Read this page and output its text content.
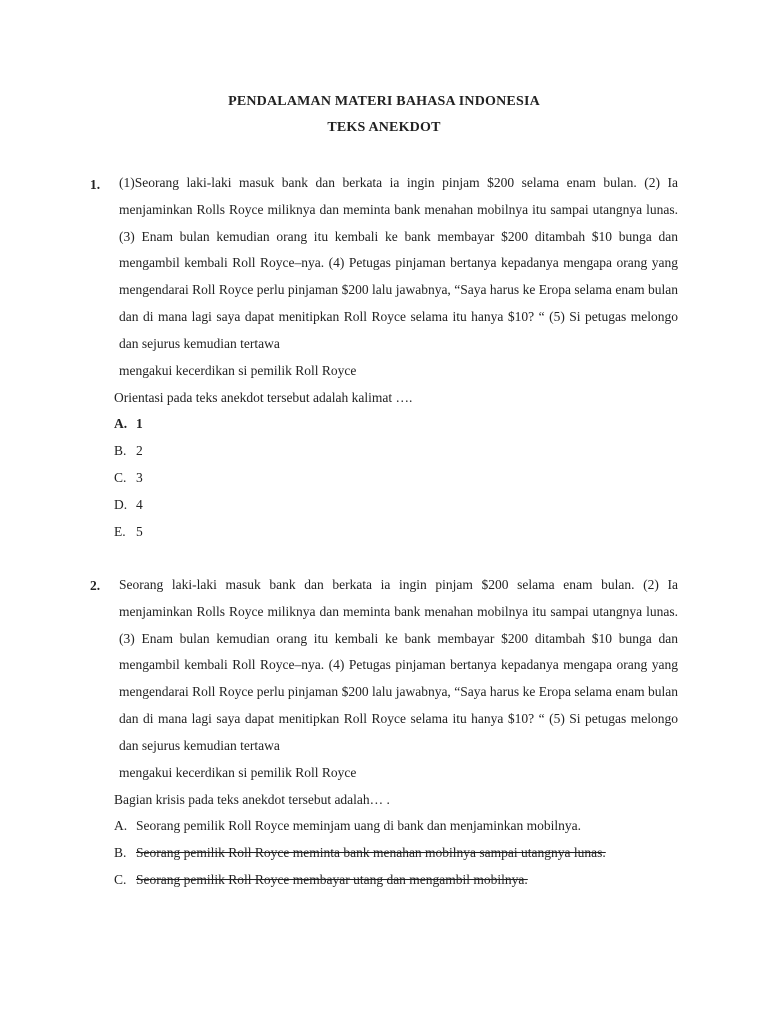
PENDALAMAN MATERI BAHASA INDONESIA
TEKS ANEKDOT
1. (1)Seorang laki-laki masuk bank dan berkata ia ingin pinjam $200 selama enam bulan. (2) Ia menjaminkan Rolls Royce miliknya dan meminta bank menahan mobilnya itu sampai utangnya lunas. (3) Enam bulan kemudian orang itu kembali ke bank membayar $200 ditambah $10 bunga dan mengambil kembali Roll Royce–nya. (4) Petugas pinjaman bertanya kepadanya mengapa orang yang mengendarai Roll Royce perlu pinjaman $200 lalu jawabnya, “Saya harus ke Eropa selama enam bulan dan di mana lagi saya dapat menitipkan Roll Royce selama itu hanya $10? “ (5) Si petugas melongo dan sejurus kemudian tertawa
mengakui kecerdikan si pemilik Roll Royce
Orientasi pada teks anekdot tersebut adalah kalimat ….
A. 1
B. 2
C. 3
D. 4
E. 5
2. Seorang laki-laki masuk bank dan berkata ia ingin pinjam $200 selama enam bulan. (2) Ia menjaminkan Rolls Royce miliknya dan meminta bank menahan mobilnya itu sampai utangnya lunas. (3) Enam bulan kemudian orang itu kembali ke bank membayar $200 ditambah $10 bunga dan mengambil kembali Roll Royce–nya. (4) Petugas pinjaman bertanya kepadanya mengapa orang yang mengendarai Roll Royce perlu pinjaman $200 lalu jawabnya, “Saya harus ke Eropa selama enam bulan dan di mana lagi saya dapat menitipkan Roll Royce selama itu hanya $10? “ (5) Si petugas melongo dan sejurus kemudian tertawa
mengakui kecerdikan si pemilik Roll Royce
Bagian krisis pada teks anekdot tersebut adalah… .
A. Seorang pemilik Roll Royce meminjam uang di bank dan menjaminkan mobilnya.
B. Seorang pemilik Roll Royce meminta bank menahan mobilnya sampai utangnya lunas.
C. Seorang pemilik Roll Royce membayar utang dan mengambil mobilnya.
